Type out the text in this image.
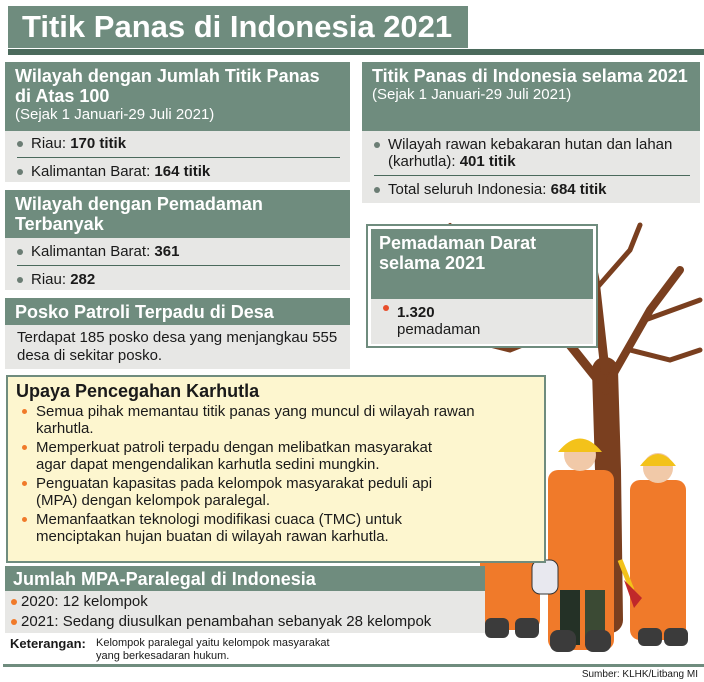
Titik Panas di Indonesia 2021
Wilayah dengan Jumlah Titik Panas di Atas 100
(Sejak 1 Januari-29 Juli 2021)
Riau: 170 titik
Kalimantan Barat: 164 titik
Titik Panas di Indonesia selama 2021
(Sejak 1 Januari-29 Juli 2021)
Wilayah rawan kebakaran hutan dan lahan (karhutla): 401 titik
Total seluruh Indonesia: 684 titik
Wilayah dengan Pemadaman Terbanyak
Kalimantan Barat: 361
Riau: 282
Pemadaman Darat selama 2021
1.320
pemadaman
Posko Patroli Terpadu di Desa
Terdapat 185 posko desa yang menjangkau 555 desa di sekitar posko.
Upaya Pencegahan Karhutla
Semua pihak memantau titik panas yang muncul di wilayah rawan karhutla.
Memperkuat patroli terpadu dengan melibatkan masyarakat agar dapat mengendalikan karhutla sedini mungkin.
Penguatan kapasitas pada kelompok masyarakat peduli api (MPA) dengan kelompok paralegal.
Memanfaatkan teknologi modifikasi cuaca (TMC) untuk menciptakan hujan buatan di wilayah rawan karhutla.
Jumlah MPA-Paralegal di Indonesia
2020: 12 kelompok
2021: Sedang diusulkan penambahan sebanyak 28 kelompok
Keterangan: Kelompok paralegal yaitu kelompok masyarakat yang berkesadaran hukum.
Sumber: KLHK/Litbang MI
